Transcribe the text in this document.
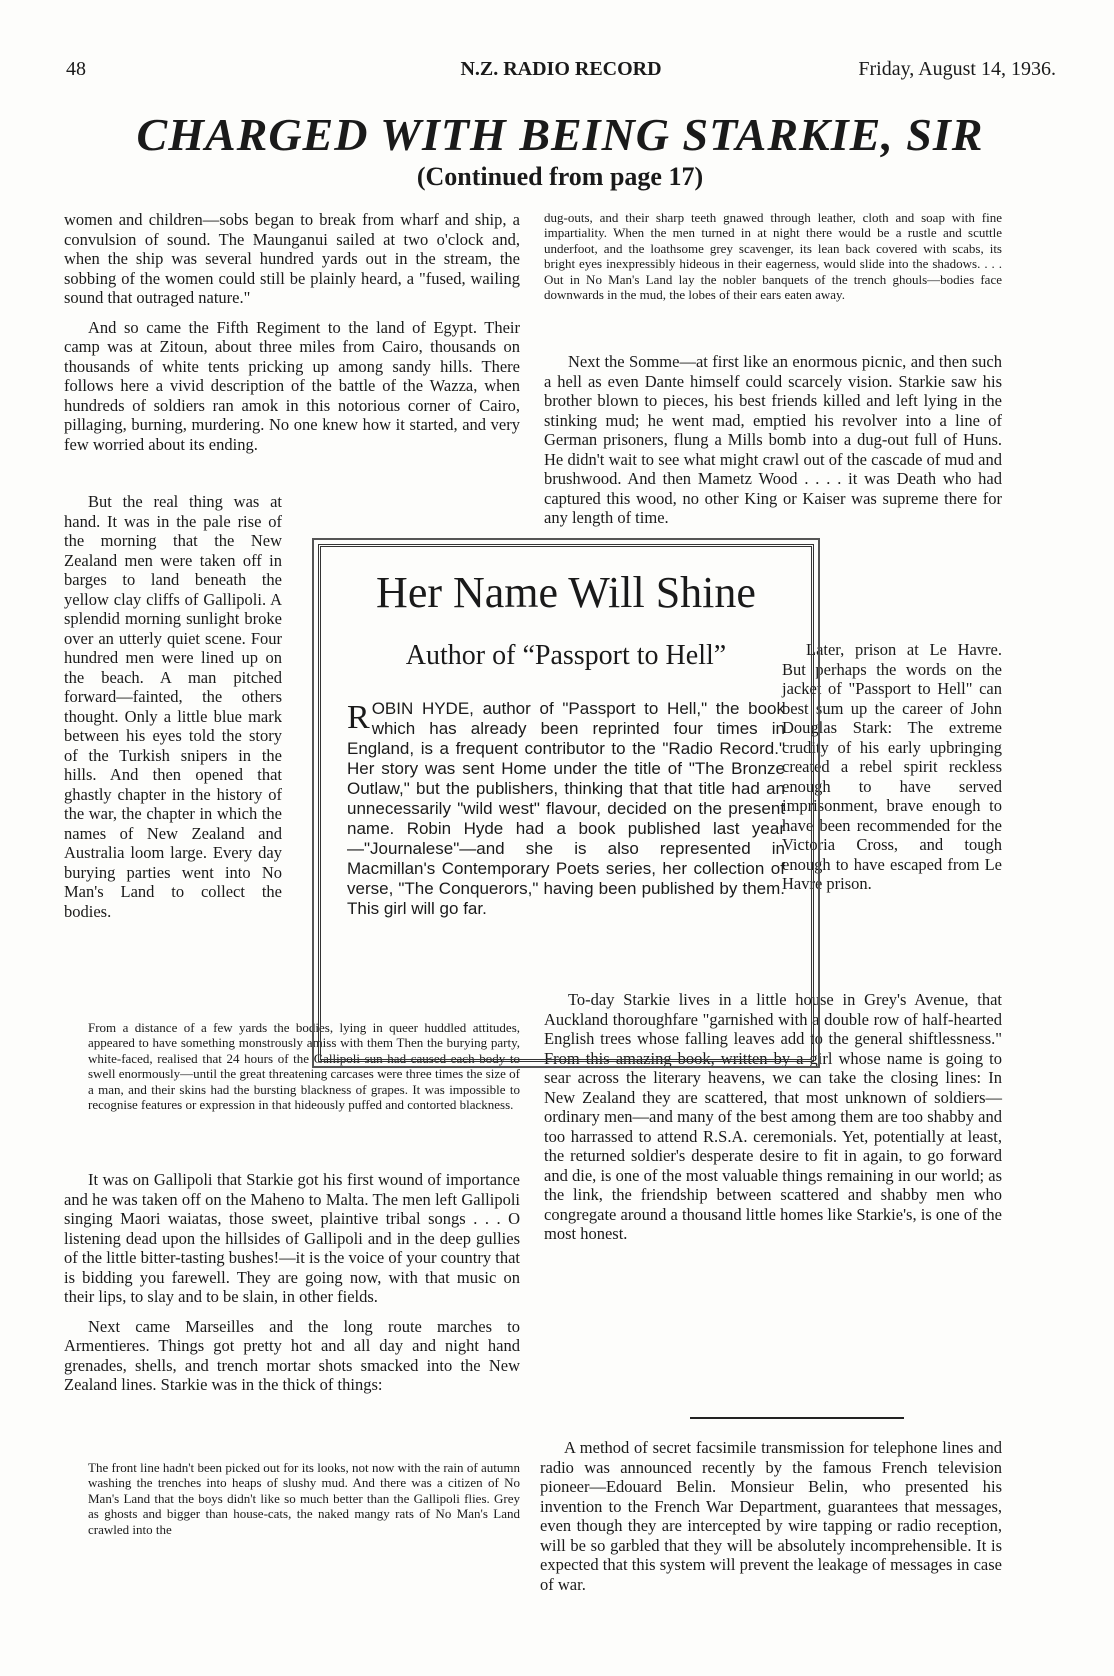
48	N.Z. RADIO RECORD	Friday, August 14, 1936.
CHARGED WITH BEING STARKIE, SIR
(Continued from page 17)

women and children—sobs began to break from wharf and ship, a convulsion of sound. The Maunganui sailed at two o'clock and, when the ship was several hundred yards out in the stream, the sobbing of the women could still be plainly heard, a "fused, wailing sound that outraged nature."

And so came the Fifth Regiment to the land of Egypt. Their camp was at Zitoun, about three miles from Cairo, thousands on thousands of white tents pricking up among sandy hills. There follows here a vivid description of the battle of the Wazza, when hundreds of soldiers ran amok in this notorious corner of Cairo, pillaging, burning, murdering. No one knew how it started, and very few worried about its ending.

But the real thing was at hand. It was in the pale rise of the morning that the New Zealand men were taken off in barges to land beneath the yellow clay cliffs of Gallipoli. A splendid morning sunlight broke over an utterly quiet scene. Four hundred men were lined up on the beach. A man pitched forward—fainted, the others thought. Only a little blue mark between his eyes told the story of the Turkish snipers in the hills. And then opened that ghastly chapter in the history of the war, the chapter in which the names of New Zealand and Australia loom large. Every day burying parties went into No Man's Land to collect the bodies.

From a distance of a few yards the bodies, lying in queer huddled attitudes, appeared to have something monstrously amiss with them Then the burying party, white-faced, realised that 24 hours of the Gallipoli sun had caused each body to swell enormously—until the great threatening carcases were three times the size of a man, and their skins had the bursting blackness of grapes. It was impossible to recognise features or expression in that hideously puffed and contorted blackness.

It was on Gallipoli that Starkie got his first wound of importance and he was taken off on the Maheno to Malta. The men left Gallipoli singing Maori waiatas, those sweet, plaintive tribal songs . . . O listening dead upon the hillsides of Gallipoli and in the deep gullies of the little bitter-tasting bushes!—it is the voice of your country that is bidding you farewell. They are going now, with that music on their lips, to slay and to be slain, in other fields.

Next came Marseilles and the long route marches to Armentieres. Things got pretty hot and all day and night hand grenades, shells, and trench mortar shots smacked into the New Zealand lines. Starkie was in the thick of things:

The front line hadn't been picked out for its looks, not now with the rain of autumn washing the trenches into heaps of slushy mud. And there was a citizen of No Man's Land that the boys didn't like so much better than the Gallipoli flies. Grey as ghosts and bigger than house-cats, the naked mangy rats of No Man's Land crawled into the

dug-outs, and their sharp teeth gnawed through leather, cloth and soap with fine impartiality. When the men turned in at night there would be a rustle and scuttle underfoot, and the loathsome grey scavenger, its lean back covered with scabs, its bright eyes inexpressibly hideous in their eagerness, would slide into the shadows. . . . Out in No Man's Land lay the nobler banquets of the trench ghouls—bodies face downwards in the mud, the lobes of their ears eaten away.

Next the Somme—at first like an enormous picnic, and then such a hell as even Dante himself could scarcely vision. Starkie saw his brother blown to pieces, his best friends killed and left lying in the stinking mud; he went mad, emptied his revolver into a line of German prisoners, flung a Mills bomb into a dug-out full of Huns. He didn't wait to see what might crawl out of the cascade of mud and brushwood. And then Mametz Wood . . . . it was Death who had captured this wood, no other King or Kaiser was supreme there for any length of time.

Later, prison at Le Havre. But perhaps the words on the jacket of "Passport to Hell" can best sum up the career of John Douglas Stark: The extreme crudity of his early upbringing created a rebel spirit reckless enough to have served imprisonment, brave enough to have been recommended for the Victoria Cross, and tough enough to have escaped from Le Havre prison.

To-day Starkie lives in a little house in Grey's Avenue, that Auckland thoroughfare "garnished with a double row of half-hearted English trees whose falling leaves add to the general shiftlessness." From this amazing book, written by a girl whose name is going to sear across the literary heavens, we can take the closing lines: In New Zealand they are scattered, that most unknown of soldiers—ordinary men—and many of the best among them are too shabby and too harrassed to attend R.S.A. ceremonials. Yet, potentially at least, the returned soldier's desperate desire to fit in again, to go forward and die, is one of the most valuable things remaining in our world; as the link, the friendship between scattered and shabby men who congregate around a thousand little homes like Starkie's, is one of the most honest.

A method of secret facsimile transmission for telephone lines and radio was announced recently by the famous French television pioneer—Edouard Belin. Monsieur Belin, who presented his invention to the French War Department, guarantees that messages, even though they are intercepted by wire tapping or radio reception, will be so garbled that they will be absolutely incomprehensible. It is expected that this system will prevent the leakage of messages in case of war.

Her Name Will Shine
Author of “Passport to Hell”
ROBIN HYDE, author of "Passport to Hell," the book which has already been reprinted four times in England, is a frequent contributor to the "Radio Record." Her story was sent Home under the title of "The Bronze Outlaw," but the publishers, thinking that that title had an unnecessarily "wild west" flavour, decided on the present name. Robin Hyde had a book published last year —"Journalese"—and she is also represented in Macmillan's Contemporary Poets series, her collection of verse, "The Conquerors," having been published by them. This girl will go far.
